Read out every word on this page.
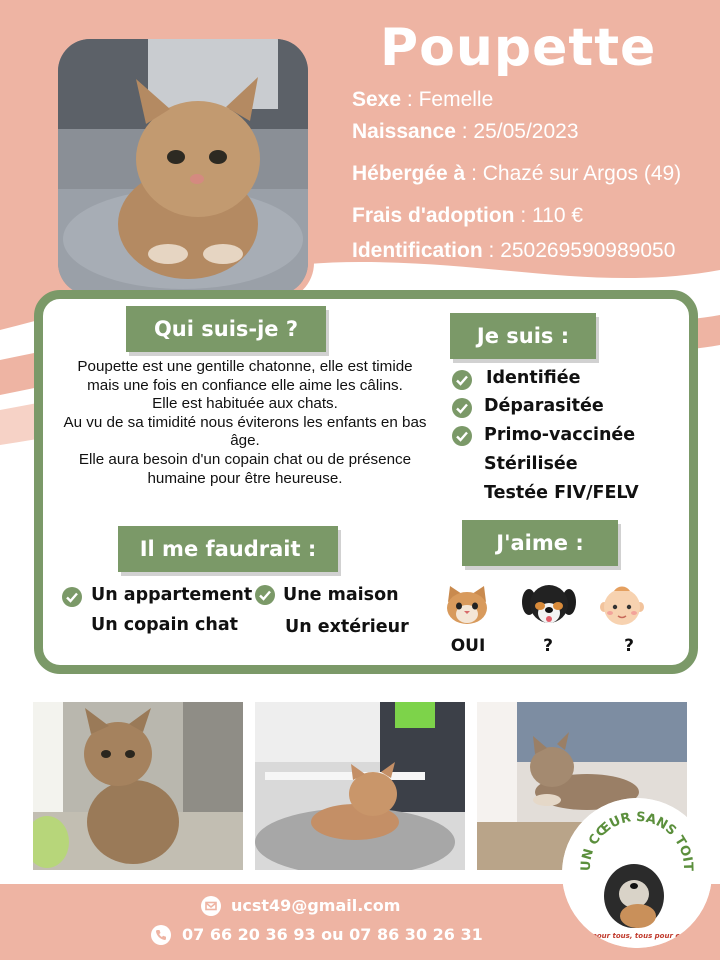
Poupette
Sexe : Femelle
Naissance : 25/05/2023
Hébergée à : Chazé sur Argos (49)
Frais d'adoption : 110 €
Identification : 250269590989050
Qui suis-je ?

Poupette est une gentille chatonne, elle est timide mais une fois en confiance elle aime les câlins.

Elle est habituée aux chats.

Au vu de sa timidité nous éviterons les enfants en bas âge.

Elle aura besoin d'un copain chat ou de présence humaine pour être heureuse.

Je suis :
Identifiée
Déparasitée
Primo-vaccinée
Stérilisée
Testée FIV/FELV
Il me faudrait :
Un appartement
Un copain chat
Une maison
Un extérieur
J'aime :
OUI	?	?
ucst49@gmail.com
07 66 20 36 93 ou 07 86 30 26 31
UN CŒUR SANS TOIT
Un pour tous, tous pour eux !
